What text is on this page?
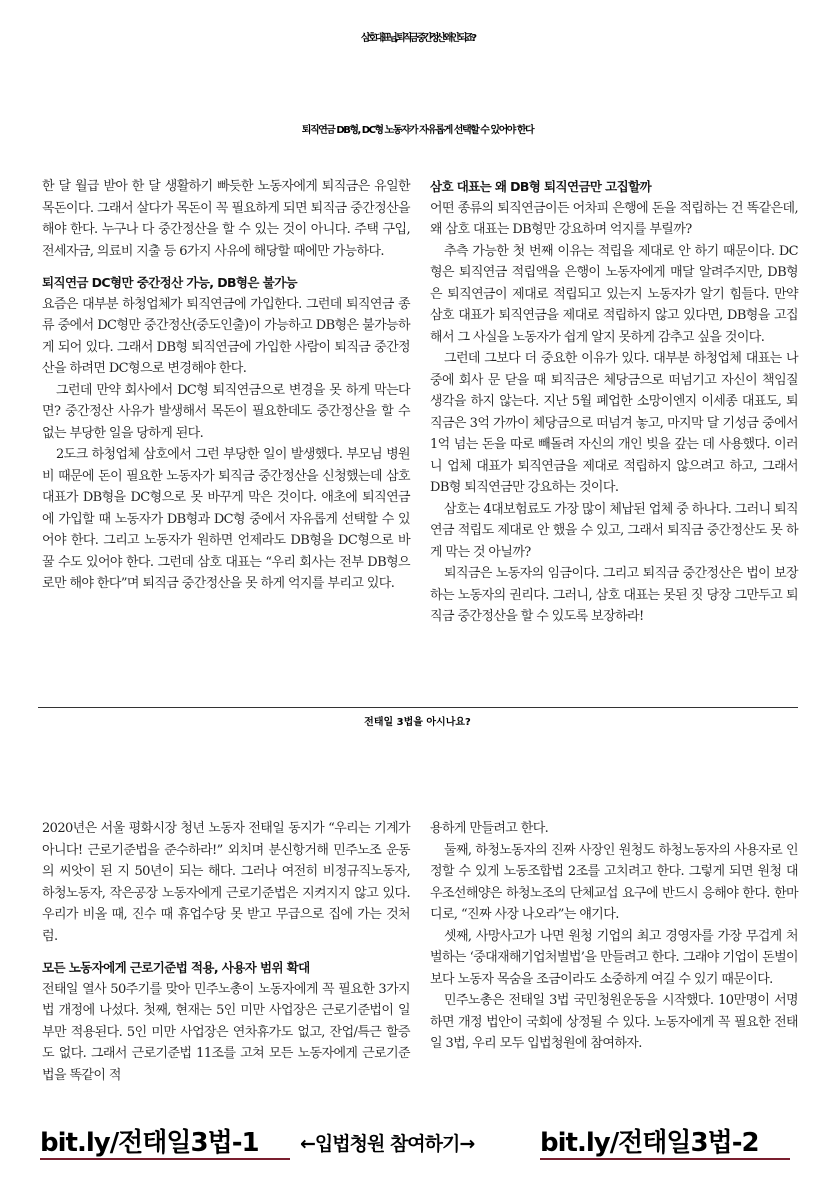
삼호 대표님, 퇴직금 중간정산 왜 안 되죠?
퇴직연금 DB형, DC형 노동자가 자유롭게 선택할 수 있어야 한다

한 달 월급 받아 한 달 생활하기 빠듯한 노동자에게 퇴직금은 유일한 목돈이다. 그래서 살다가 목돈이 꼭 필요하게 되면 퇴직금 중간정산을 해야 한다. 누구나 다 중간정산을 할 수 있는 것이 아니다. 주택 구입, 전세자금, 의료비 지출 등 6가지 사유에 해당할 때에만 가능하다.

퇴직연금 DC형만 중간정산 가능, DB형은 불가능

요즘은 대부분 하청업체가 퇴직연금에 가입한다. 그런데 퇴직연금 종류 중에서 DC형만 중간정산(중도인출)이 가능하고 DB형은 불가능하게 되어 있다. 그래서 DB형 퇴직연금에 가입한 사람이 퇴직금 중간정산을 하려면 DC형으로 변경해야 한다.

그런데 만약 회사에서 DC형 퇴직연금으로 변경을 못 하게 막는다면? 중간정산 사유가 발생해서 목돈이 필요한데도 중간정산을 할 수 없는 부당한 일을 당하게 된다.

2도크 하청업체 삼호에서 그런 부당한 일이 발생했다. 부모님 병원비 때문에 돈이 필요한 노동자가 퇴직금 중간정산을 신청했는데 삼호 대표가 DB형을 DC형으로 못 바꾸게 막은 것이다. 애초에 퇴직연금에 가입할 때 노동자가 DB형과 DC형 중에서 자유롭게 선택할 수 있어야 한다. 그리고 노동자가 원하면 언제라도 DB형을 DC형으로 바꿀 수도 있어야 한다. 그런데 삼호 대표는 “우리 회사는 전부 DB형으로만 해야 한다”며 퇴직금 중간정산을 못 하게 억지를 부리고 있다.

삼호 대표는 왜 DB형 퇴직연금만 고집할까

어떤 종류의 퇴직연금이든 어차피 은행에 돈을 적립하는 건 똑같은데, 왜 삼호 대표는 DB형만 강요하며 억지를 부릴까?

추측 가능한 첫 번째 이유는 적립을 제대로 안 하기 때문이다. DC형은 퇴직연금 적립액을 은행이 노동자에게 매달 알려주지만, DB형은 퇴직연금이 제대로 적립되고 있는지 노동자가 알기 힘들다. 만약 삼호 대표가 퇴직연금을 제대로 적립하지 않고 있다면, DB형을 고집해서 그 사실을 노동자가 쉽게 알지 못하게 감추고 싶을 것이다.

그런데 그보다 더 중요한 이유가 있다. 대부분 하청업체 대표는 나중에 회사 문 닫을 때 퇴직금은 체당금으로 떠넘기고 자신이 책임질 생각을 하지 않는다. 지난 5월 폐업한 소망이엔지 이세종 대표도, 퇴직금은 3억 가까이 체당금으로 떠넘겨 놓고, 마지막 달 기성금 중에서 1억 넘는 돈을 따로 빼돌려 자신의 개인 빚을 갚는 데 사용했다. 이러니 업체 대표가 퇴직연금을 제대로 적립하지 않으려고 하고, 그래서 DB형 퇴직연금만 강요하는 것이다.

삼호는 4대보험료도 가장 많이 체납된 업체 중 하나다. 그러니 퇴직연금 적립도 제대로 안 했을 수 있고, 그래서 퇴직금 중간정산도 못 하게 막는 것 아닐까?

퇴직금은 노동자의 임금이다. 그리고 퇴직금 중간정산은 법이 보장하는 노동자의 권리다. 그러니, 삼호 대표는 못된 짓 당장 그만두고 퇴직금 중간정산을 할 수 있도록 보장하라!

전태일 3법을 아시나요?

2020년은 서울 평화시장 청년 노동자 전태일 동지가 “우리는 기계가 아니다! 근로기준법을 준수하라!” 외치며 분신항거해 민주노조 운동의 씨앗이 된 지 50년이 되는 해다. 그러나 여전히 비정규직노동자, 하청노동자, 작은공장 노동자에게 근로기준법은 지켜지지 않고 있다. 우리가 비올 때, 진수 때 휴업수당 못 받고 무급으로 집에 가는 것처럼.

모든 노동자에게 근로기준법 적용, 사용자 범위 확대

전태일 열사 50주기를 맞아 민주노총이 노동자에게 꼭 필요한 3가지 법 개정에 나섰다. 첫째, 현재는 5인 미만 사업장은 근로기준법이 일부만 적용된다. 5인 미만 사업장은 연차휴가도 없고, 잔업/특근 할증도 없다. 그래서 근로기준법 11조를 고쳐 모든 노동자에게 근로기준법을 똑같이 적

용하게 만들려고 한다.

둘째, 하청노동자의 진짜 사장인 원청도 하청노동자의 사용자로 인정할 수 있게 노동조합법 2조를 고치려고 한다. 그렇게 되면 원청 대우조선해양은 하청노조의 단체교섭 요구에 반드시 응해야 한다. 한마디로, “진짜 사장 나오라”는 얘기다.

셋째, 사망사고가 나면 원청 기업의 최고 경영자를 가장 무겁게 처벌하는 ‘중대재해기업처벌법’을 만들려고 한다. 그래야 기업이 돈벌이보다 노동자 목숨을 조금이라도 소중하게 여길 수 있기 때문이다.

민주노총은 전태일 3법 국민청원운동을 시작했다. 10만명이 서명하면 개정 법안이 국회에 상정될 수 있다. 노동자에게 꼭 필요한 전태일 3법, 우리 모두 입법청원에 참여하자.

bit.ly/전태일3법-1 ←입법청원 참여하기→	bit.ly/전태일3법-2
